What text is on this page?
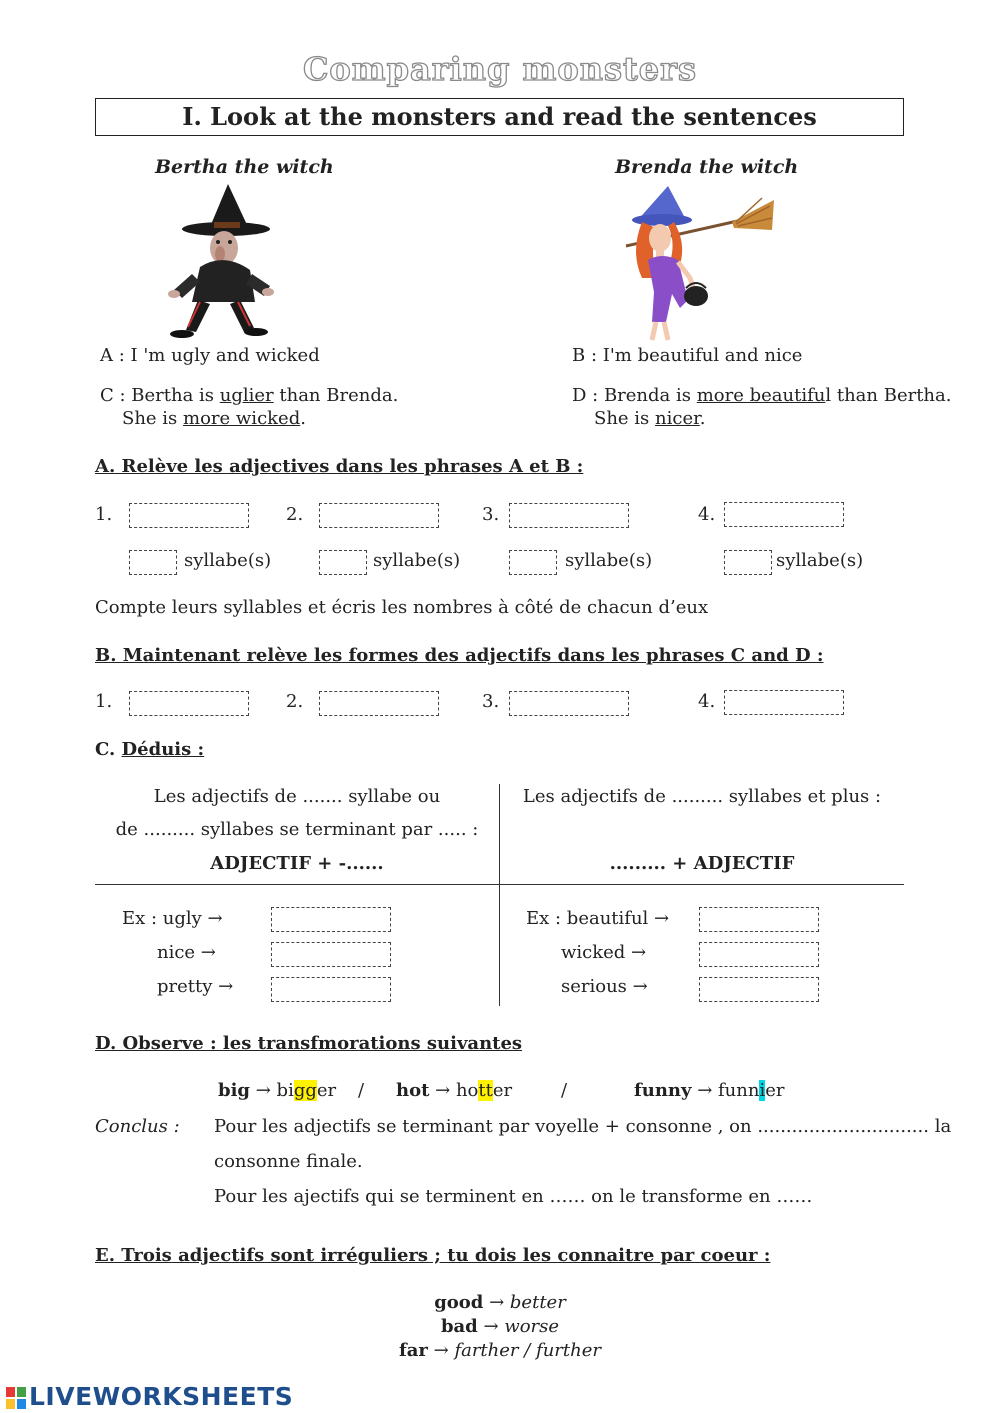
Comparing monsters
I. Look at the monsters and read the sentences
Bertha the witch	Brenda the witch
A : I 'm ugly and wicked	B : I'm beautiful and nice
C : Bertha is uglier than Brenda.
She is more wicked.
D : Brenda is more beautiful than Bertha.
She is nicer.
A. Relève les adjectives dans les phrases A et B :
1.	2.	3.	4.
syllabe(s)	syllabe(s)	syllabe(s)	syllabe(s)
Compte leurs syllables et écris les nombres à côté de chacun d’eux
B. Maintenant relève les formes des adjectifs dans les phrases C and D :
1.	2.	3.	4.
C. Déduis :
Les adjectifs de ....... syllabe ou
de ......... syllabes se terminant par ..... :
ADJECTIF + -......
Les adjectifs de ......... syllabes et plus :
......... + ADJECTIF
Ex : ugly →
nice →
pretty →
Ex : beautiful →
wicked →
serious →
D. Observe : les transfmorations suivantes
big → bigger / hot → hotter	/	funny → funnier
Conclus : Pour les adjectifs se terminant par voyelle + consonne , on .............................. la
consonne finale.
Pour les ajectifs qui se terminent en …… on le transforme en ……
E. Trois adjectifs sont irréguliers ; tu dois les connaitre par coeur :
good → better
bad → worse
far → farther / further
LIVEWORKSHEETS
